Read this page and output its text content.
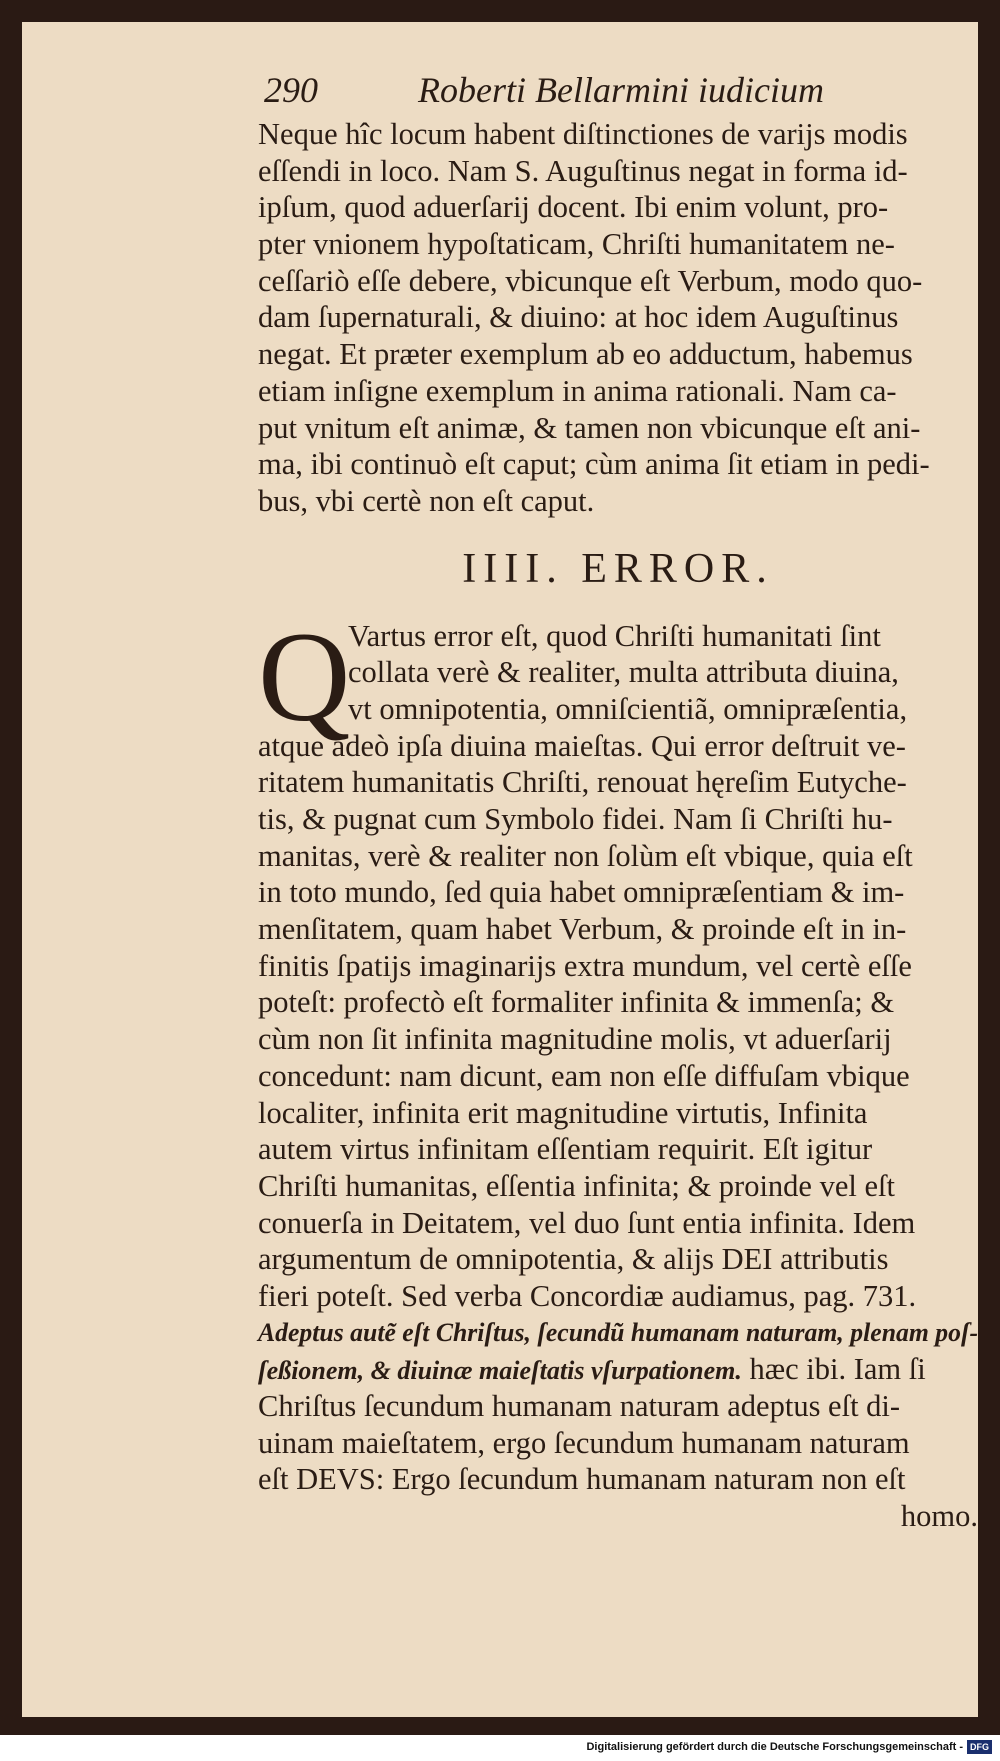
290	Roberti Bellarmini iudicium
Neque hîc locum habent diſtinctiones de varijs modis
eſſendi in loco. Nam S. Auguſtinus negat in forma id-
ipſum, quod aduerſarij docent. Ibi enim volunt, pro-
pter vnionem hypoſtaticam, Chriſti humanitatem ne-
ceſſariò eſſe debere, vbicunque eſt Verbum, modo quo-
dam ſupernaturali, & diuino: at hoc idem Auguſtinus
negat. Et præter exemplum ab eo adductum, habemus
etiam inſigne exemplum in anima rationali. Nam ca-
put vnitum eſt animæ, & tamen non vbicunque eſt ani-
ma, ibi continuò eſt caput; cùm anima ſit etiam in pedi-
bus, vbi certè non eſt caput.
IIII. ERROR.
Q
Vartus error eſt, quod Chriſti humanitati ſint
collata verè & realiter, multa attributa diuina,
vt omnipotentia, omniſcientiã, omnipræſentia,
atque adeò ipſa diuina maieſtas. Qui error deſtruit ve-
ritatem humanitatis Chriſti, renouat hęreſim Eutyche-
tis, & pugnat cum Symbolo fidei. Nam ſi Chriſti hu-
manitas, verè & realiter non ſolùm eſt vbique, quia eſt
in toto mundo, ſed quia habet omnipræſentiam & im-
menſitatem, quam habet Verbum, & proinde eſt in in-
finitis ſpatijs imaginarijs extra mundum, vel certè eſſe
poteſt: profectò eſt formaliter infinita & immenſa; &
cùm non ſit infinita magnitudine molis, vt aduerſarij
concedunt: nam dicunt, eam non eſſe diffuſam vbique
localiter, infinita erit magnitudine virtutis, Infinita
autem virtus infinitam eſſentiam requirit. Eſt igitur
Chriſti humanitas, eſſentia infinita; & proinde vel eſt
conuerſa in Deitatem, vel duo ſunt entia infinita. Idem
argumentum de omnipotentia, & alijs DEI attributis
fieri poteſt. Sed verba Concordiæ audiamus, pag. 731.
Adeptus autẽ eſt Chriſtus, ſecundũ humanam naturam, plenam poſ-
ſeßionem, & diuinæ maieſtatis vſurpationem. hæc ibi. Iam ſi
Chriſtus ſecundum humanam naturam adeptus eſt di-
uinam maieſtatem, ergo ſecundum humanam naturam
eſt DEVS: Ergo ſecundum humanam naturam non eſt
homo.
Digitalisierung gefördert durch die Deutsche Forschungsgemeinschaft - DFG
